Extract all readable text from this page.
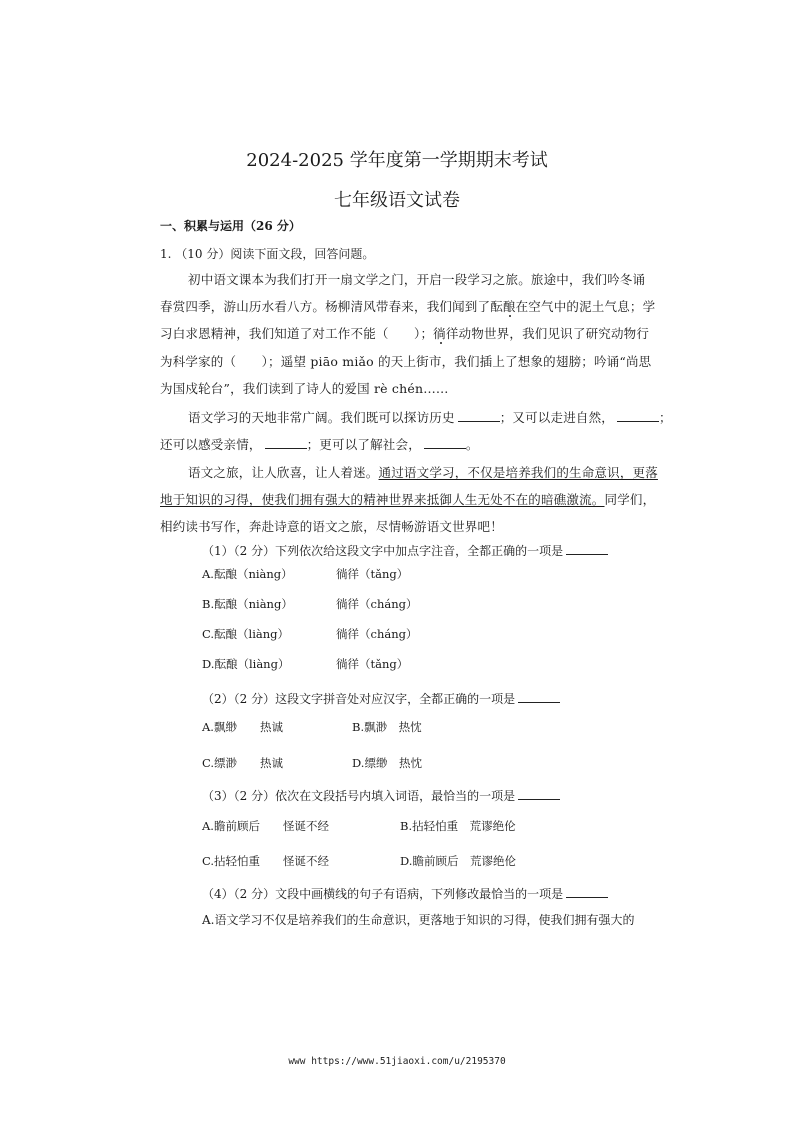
2024-2025 学年度第一学期期末考试
七年级语文试卷
一、积累与运用（26 分）
1. （10 分）阅读下面文段，回答问题。
初中语文课本为我们打开一扇文学之门，开启一段学习之旅。旅途中，我们吟冬诵
春赏四季，游山历水看八方。杨柳清风带春来，我们闻到了酝酿在空气中的泥土气息；学
习白求恩精神，我们知道了对工作不能（　　）；徜徉动物世界，我们见识了研究动物行
为科学家的（　　）；遥望 piāo miǎo 的天上街市，我们插上了想象的翅膀；吟诵“尚思
为国戍轮台”，我们读到了诗人的爱国 rè chén……
语文学习的天地非常广阔。我们既可以探访历史	；又可以走进自然，	；
还可以感受亲情，	；更可以了解社会，	。
语文之旅，让人欣喜，让人着迷。通过语文学习，不仅是培养我们的生命意识，更落
地于知识的习得，使我们拥有强大的精神世界来抵御人生无处不在的暗礁激流。同学们，
相约读书写作，奔赴诗意的语文之旅，尽情畅游语文世界吧！
（1）（2 分）下列依次给这段文字中加点字注音，全都正确的一项是
A.酝酿（niàng）	徜徉（tǎng）
B.酝酿（niàng）	徜徉（cháng）
C.酝酿（liàng）	徜徉（cháng）
D.酝酿（liàng）	徜徉（tǎng）
（2）（2 分）这段文字拼音处对应汉字，全都正确的一项是
A.飘缈　　热诚	B.飘渺　热忱
C.缥渺　　热诚	D.缥缈　热忱
（3）（2 分）依次在文段括号内填入词语，最恰当的一项是
A.瞻前顾后　　怪诞不经	B.拈轻怕重　荒谬绝伦
C.拈轻怕重　　怪诞不经	D.瞻前顾后　荒谬绝伦
（4）（2 分）文段中画横线的句子有语病，下列修改最恰当的一项是
A.语文学习不仅是培养我们的生命意识，更落地于知识的习得，使我们拥有强大的
www https://www.51jiaoxi.com/u/2195370
